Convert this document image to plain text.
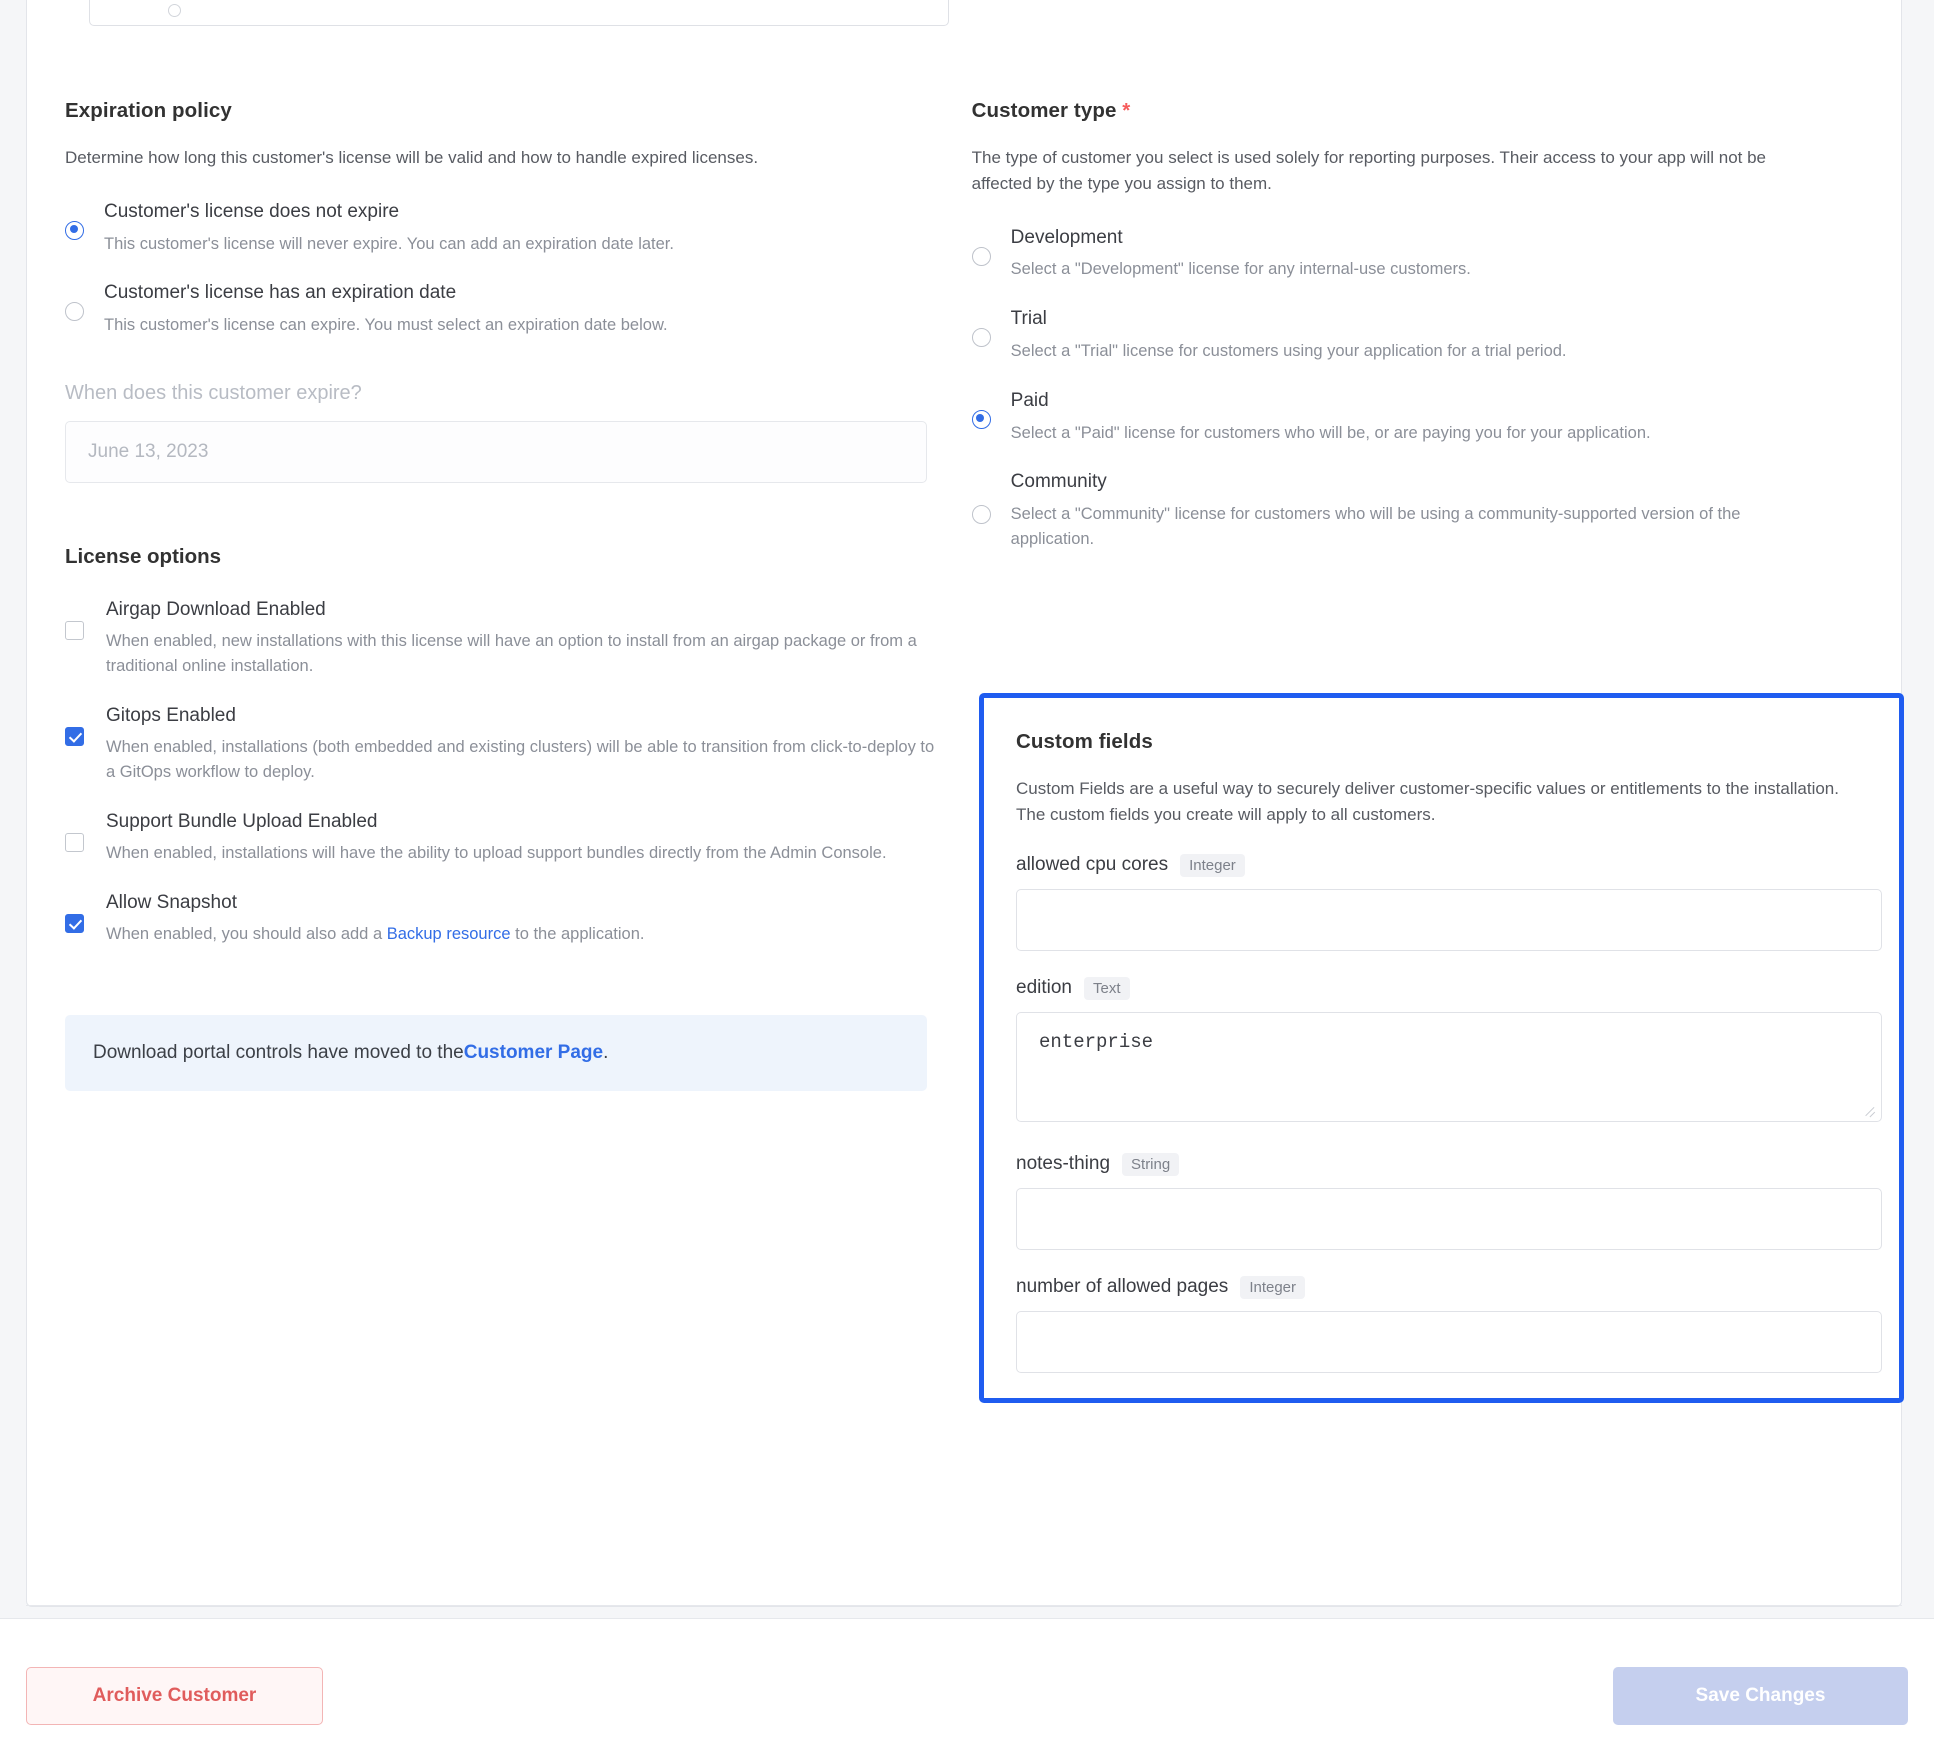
Expiration policy

Determine how long this customer's license will be valid and how to handle expired licenses.

Customer's license does not expire
This customer's license will never expire. You can add an expiration date later.
Customer's license has an expiration date
This customer's license can expire. You must select an expiration date below.
When does this customer expire?
June 13, 2023
License options
Airgap Download Enabled
When enabled, new installations with this license will have an option to install from an airgap package or from a traditional online installation.
Gitops Enabled
When enabled, installations (both embedded and existing clusters) will be able to transition from click-to-deploy to a GitOps workflow to deploy.
Support Bundle Upload Enabled
When enabled, installations will have the ability to upload support bundles directly from the Admin Console.
Allow Snapshot
When enabled, you should also add a Backup resource to the application.
Download portal controls have moved to the Customer Page .
Customer type *

The type of customer you select is used solely for reporting purposes. Their access to your app will not be affected by the type you assign to them.

Development
Select a "Development" license for any internal-use customers.
Trial
Select a "Trial" license for customers using your application for a trial period.
Paid
Select a "Paid" license for customers who will be, or are paying you for your application.
Community
Select a "Community" license for customers who will be using a community-supported version of the application.
Custom fields

Custom Fields are a useful way to securely deliver customer-specific values or entitlements to the installation. The custom fields you create will apply to all customers.

allowed cpu cores	Integer
edition	Text
enterprise
notes-thing	String
number of allowed pages	Integer
Archive Customer	Save Changes
